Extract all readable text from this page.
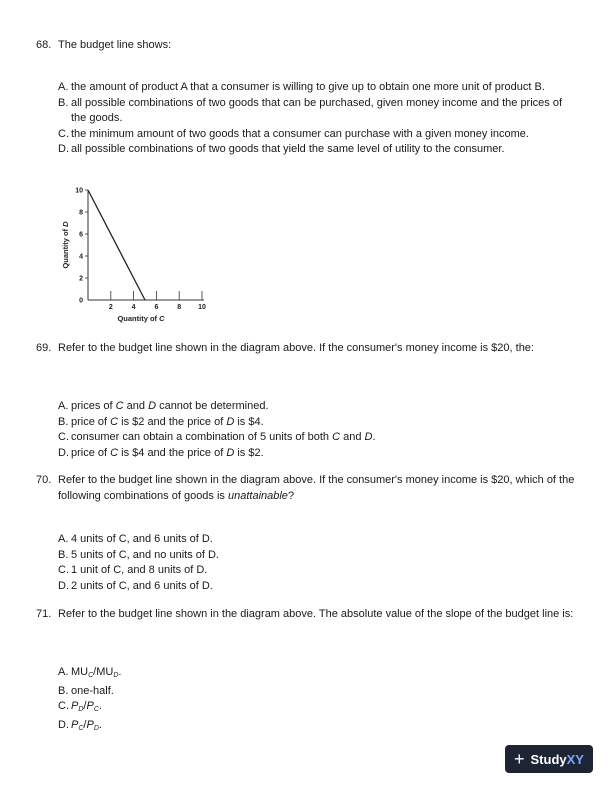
68. The budget line shows:
A. the amount of product A that a consumer is willing to give up to obtain one more unit of product B.
B. all possible combinations of two goods that can be purchased, given money income and the prices of the goods.
C. the minimum amount of two goods that a consumer can purchase with a given money income.
D. all possible combinations of two goods that yield the same level of utility to the consumer.
0
2
4
6
8
10
2	4	6	8 10
Quantity of C
Quantity of D
69. Refer to the budget line shown in the diagram above. If the consumer's money income is $20, the:
A. prices of C and D cannot be determined.
B. price of C is $2 and the price of D is $4.
C. consumer can obtain a combination of 5 units of both C and D.
D. price of C is $4 and the price of D is $2.
70. Refer to the budget line shown in the diagram above. If the consumer's money income is $20, which of the following combinations of goods is unattainable?
A. 4 units of C, and 6 units of D.
B. 5 units of C, and no units of D.
C. 1 unit of C, and 8 units of D.
D. 2 units of C, and 6 units of D.
71. Refer to the budget line shown in the diagram above. The absolute value of the slope of the budget line is:
A. $MU_C/MU_D$.
B. one-half.
C. $P_D/P_C$.
D. $P_C/P_D$.
+ StudyXY
